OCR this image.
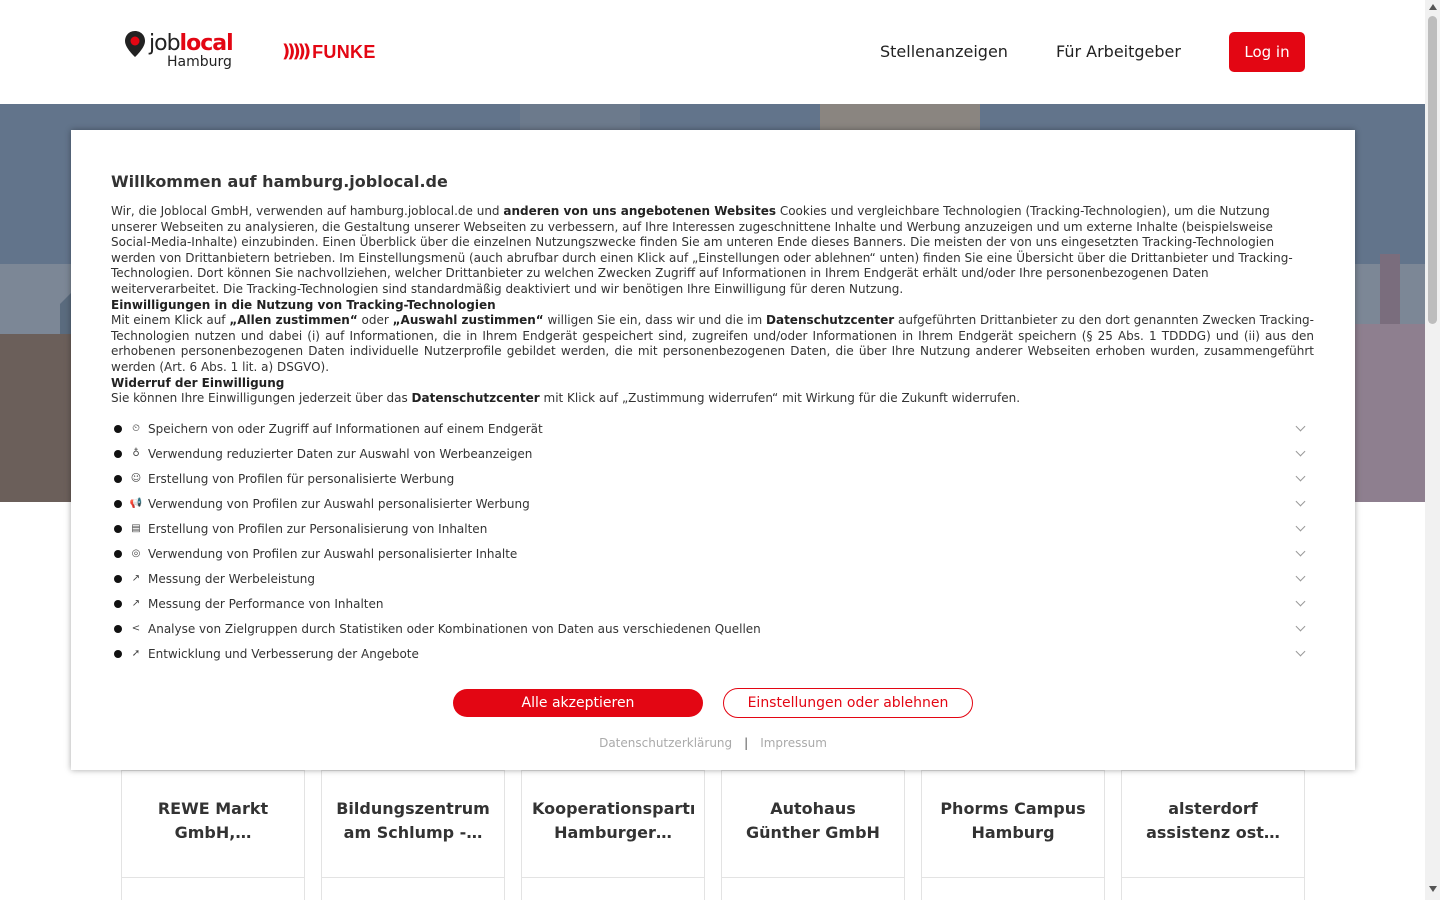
joblocal
Hamburg	))))) FUNKE	Stellenanzeigen	Für Arbeitgeber	Log in
REWE Markt GmbH,…
Bildungszentrum am Schlump -…
Kooperationspartı Hamburger…
Autohaus Günther GmbH
Phorms Campus Hamburg
alsterdorf assistenz ost…
Willkommen auf hamburg.joblocal.de

Wir, die Joblocal GmbH, verwenden auf hamburg.joblocal.de und anderen von uns angebotenen Websites Cookies und vergleichbare Technologien (Tracking-Technologien), um die Nutzung unserer Webseiten zu analysieren, die Gestaltung unserer Webseiten zu verbessern, auf Ihre Interessen zugeschnittene Inhalte und Werbung anzuzeigen und um externe Inhalte (beispielsweise Social-Media-Inhalte) einzubinden. Einen Überblick über die einzelnen Nutzungszwecke finden Sie am unteren Ende dieses Banners. Die meisten der von uns eingesetzten Tracking-Technologien werden von Drittanbietern betrieben. Im Einstellungsmenü (auch abrufbar durch einen Klick auf „Einstellungen oder ablehnen“ unten) finden Sie eine Übersicht über die Drittanbieter und Tracking-Technologien. Dort können Sie nachvollziehen, welcher Drittanbieter zu welchen Zwecken Zugriff auf Informationen in Ihrem Endgerät erhält und/oder Ihre personenbezogenen Daten weiterverarbeitet. Die Tracking-Technologien sind standardmäßig deaktiviert und wir benötigen Ihre Einwilligung für deren Nutzung.

Einwilligungen in die Nutzung von Tracking-Technologien

Mit einem Klick auf „Allen zustimmen“ oder „Auswahl zustimmen“ willigen Sie ein, dass wir und die im Datenschutzcenter aufgeführten Drittanbieter zu den dort genannten Zwecken Tracking-Technologien nutzen und dabei (i) auf Informationen, die in Ihrem Endgerät gespeichert sind, zugreifen und/oder Informationen in Ihrem Endgerät speichern (§ 25 Abs. 1 TDDDG) und (ii) aus den erhobenen personenbezogenen Daten individuelle Nutzerprofile gebildet werden, die mit personenbezogenen Daten, die über Ihre Nutzung anderer Webseiten erhoben wurden, zusammengeführt werden (Art. 6 Abs. 1 lit. a) DSGVO).

Widerruf der Einwilligung

Sie können Ihre Einwilligungen jederzeit über das Datenschutzcenter mit Klick auf „Zustimmung widerrufen“ mit Wirkung für die Zukunft widerrufen.

⏲ Speichern von oder Zugriff auf Informationen auf einem Endgerät
♁ Verwendung reduzierter Daten zur Auswahl von Werbeanzeigen
☺ Erstellung von Profilen für personalisierte Werbung
📢 Verwendung von Profilen zur Auswahl personalisierter Werbung
▤ Erstellung von Profilen zur Personalisierung von Inhalten
◎ Verwendung von Profilen zur Auswahl personalisierter Inhalte
↗ Messung der Werbeleistung
↗ Messung der Performance von Inhalten
< Analyse von Zielgruppen durch Statistiken oder Kombinationen von Daten aus verschiedenen Quellen
➚ Entwicklung und Verbesserung der Angebote
Alle akzeptieren	Einstellungen oder ablehnen
Datenschutzerklärung | Impressum
